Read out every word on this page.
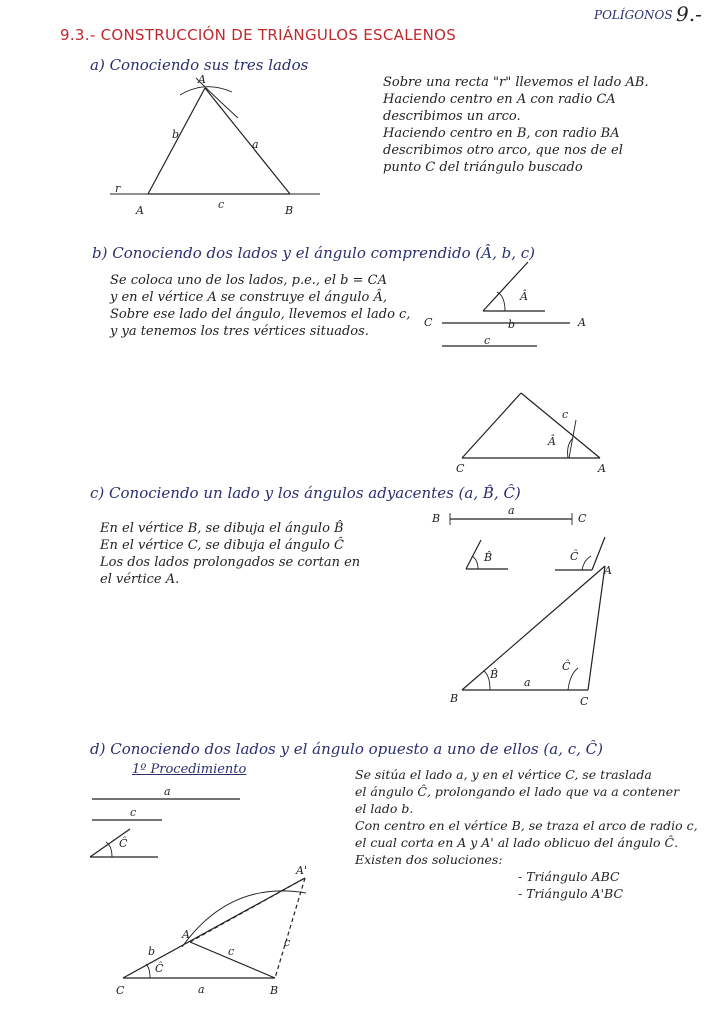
9.3.- CONSTRUCCIÓN DE TRIÁNGULOS ESCALENOS
POLÍGONOS 9.-
a) Conociendo sus tres lados
Sobre una recta "r" llevemos el lado AB.
Haciendo centro en A con radio CA
describimos un arco.
Haciendo centro en B, con radio BA
describimos otro arco, que nos de el
punto C del triángulo buscado
b) Conociendo dos lados y el ángulo comprendido (Â, b, c)
Se coloca uno de los lados, p.e., el b = CA
y en el vértice A se construye el ángulo Â,
Sobre ese lado del ángulo, llevemos el lado c,
y ya tenemos los tres vértices situados.
c) Conociendo un lado y los ángulos adyacentes (a, B̂, Ĉ)
En el vértice B, se dibuja el ángulo B̂
En el vértice C, se dibuja el ángulo Ĉ
Los dos lados prolongados se cortan en
el vértice A.
d) Conociendo dos lados y el ángulo opuesto a uno de ellos (a, c, Ĉ)
1º Procedimiento	Se sitúa el lado a, y en el vértice C, se traslada
el ángulo Ĉ, prolongando el lado que va a contener
el lado b.
Con centro en el vértice B, se traza el arco de radio c,
el cual corta en A y A' al lado oblicuo del ángulo Ĉ.
Existen dos soluciones:
- Triángulo ABC
- Triángulo A'BC
A
A	B
c
b
a
r
Â
C	A
b
c
c
Â
C	A
B	C
a
B̂	Ĉ
A
B̂
Ĉ
a
B	C
a
c
Ĉ
A'
A
b	c
c
Ĉ
a
C	B
